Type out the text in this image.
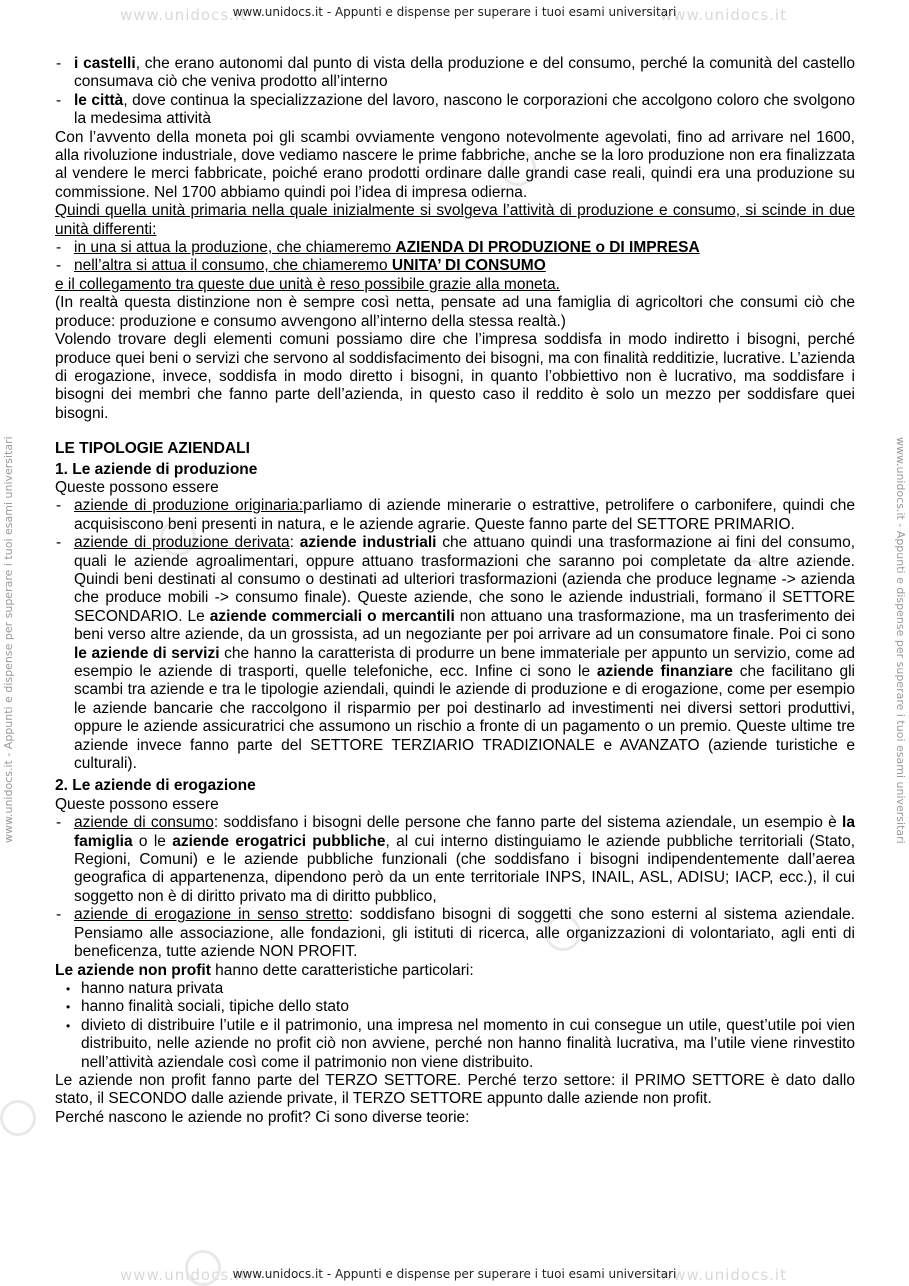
www.unidocs.it	www.unidocs.it
www.unidocs.it	www.unidocs.it
www.unidocs.it - Appunti e dispense per superare i tuoi esami universitari	www.unidocs.it - Appunti e dispense per superare i tuoi esami universitari
www.unidocs.it - Appunti e dispense per superare i tuoi esami universitari

- i castelli, che erano autonomi dal punto di vista della produzione e del consumo, perché la comunità del castello consumava ciò che veniva prodotto all’interno

- le città, dove continua la specializzazione del lavoro, nascono le corporazioni che accolgono coloro che svolgono la medesima attività

Con l’avvento della moneta poi gli scambi ovviamente vengono notevolmente agevolati, fino ad arrivare nel 1600, alla rivoluzione industriale, dove vediamo nascere le prime fabbriche, anche se la loro produzione non era finalizzata al vendere le merci fabbricate, poiché erano prodotti ordinare dalle grandi case reali, quindi era una produzione su commissione. Nel 1700 abbiamo quindi poi l’idea di impresa odierna.

Quindi quella unità primaria nella quale inizialmente si svolgeva l’attività di produzione e consumo, si scinde in due unità differenti:

- in una si attua la produzione, che chiameremo AZIENDA DI PRODUZIONE o DI IMPRESA

- nell’altra si attua il consumo, che chiameremo UNITA’ DI CONSUMO

e il collegamento tra queste due unità è reso possibile grazie alla moneta.

(In realtà questa distinzione non è sempre così netta, pensate ad una famiglia di agricoltori che consumi ciò che produce: produzione e consumo avvengono all’interno della stessa realtà.)

Volendo trovare degli elementi comuni possiamo dire che l’impresa soddisfa in modo indiretto i bisogni, perché produce quei beni o servizi che servono al soddisfacimento dei bisogni, ma con finalità redditizie, lucrative. L’azienda di erogazione, invece, soddisfa in modo diretto i bisogni, in quanto l’obbiettivo non è lucrativo, ma soddisfare i bisogni dei membri che fanno parte dell’azienda, in questo caso il reddito è solo un mezzo per soddisfare quei bisogni.

LE TIPOLOGIE AZIENDALI

1. Le aziende di produzione

Queste possono essere

- aziende di produzione originaria:parliamo di aziende minerarie o estrattive, petrolifere o carbonifere, quindi che acquisiscono beni presenti in natura, e le aziende agrarie. Queste fanno parte del SETTORE PRIMARIO.

- aziende di produzione derivata: aziende industriali che attuano quindi una trasformazione ai fini del consumo, quali le aziende agroalimentari, oppure attuano trasformazioni che saranno poi completate da altre aziende. Quindi beni destinati al consumo o destinati ad ulteriori trasformazioni (azienda che produce legname -> azienda che produce mobili -> consumo finale). Queste aziende, che sono le aziende industriali, formano il SETTORE SECONDARIO. Le aziende commerciali o mercantili non attuano una trasformazione, ma un trasferimento dei beni verso altre aziende, da un grossista, ad un negoziante per poi arrivare ad un consumatore finale. Poi ci sono le aziende di servizi che hanno la caratterista di produrre un bene immateriale per appunto un servizio, come ad esempio le aziende di trasporti, quelle telefoniche, ecc. Infine ci sono le aziende finanziare che facilitano gli scambi tra aziende e tra le tipologie aziendali, quindi le aziende di produzione e di erogazione, come per esempio le aziende bancarie che raccolgono il risparmio per poi destinarlo ad investimenti nei diversi settori produttivi, oppure le aziende assicuratrici che assumono un rischio a fronte di un pagamento o un premio. Queste ultime tre aziende invece fanno parte del SETTORE TERZIARIO TRADIZIONALE e AVANZATO (aziende turistiche e culturali).

2. Le aziende di erogazione

Queste possono essere

- aziende di consumo: soddisfano i bisogni delle persone che fanno parte del sistema aziendale, un esempio è la famiglia o le aziende erogatrici pubbliche, al cui interno distinguiamo le aziende pubbliche territoriali (Stato, Regioni, Comuni) e le aziende pubbliche funzionali (che soddisfano i bisogni indipendentemente dall’aerea geografica di appartenenza, dipendono però da un ente territoriale INPS, INAIL, ASL, ADISU; IACP, ecc.), il cui soggetto non è di diritto privato ma di diritto pubblico,

- aziende di erogazione in senso stretto: soddisfano bisogni di soggetti che sono esterni al sistema aziendale. Pensiamo alle associazione, alle fondazioni, gli istituti di ricerca, alle organizzazioni di volontariato, agli enti di beneficenza, tutte aziende NON PROFIT.

Le aziende non profit hanno dette caratteristiche particolari:

• hanno natura privata

• hanno finalità sociali, tipiche dello stato

• divieto di distribuire l’utile e il patrimonio, una impresa nel momento in cui consegue un utile, quest’utile poi vien distribuito, nelle aziende no profit ciò non avviene, perché non hanno finalità lucrativa, ma l’utile viene rinvestito nell’attività aziendale così come il patrimonio non viene distribuito.

Le aziende non profit fanno parte del TERZO SETTORE. Perché terzo settore: il PRIMO SETTORE è dato dallo stato, il SECONDO dalle aziende private, il TERZO SETTORE appunto dalle aziende non profit.

Perché nascono le aziende no profit? Ci sono diverse teorie:

www.unidocs.it - Appunti e dispense per superare i tuoi esami universitari
